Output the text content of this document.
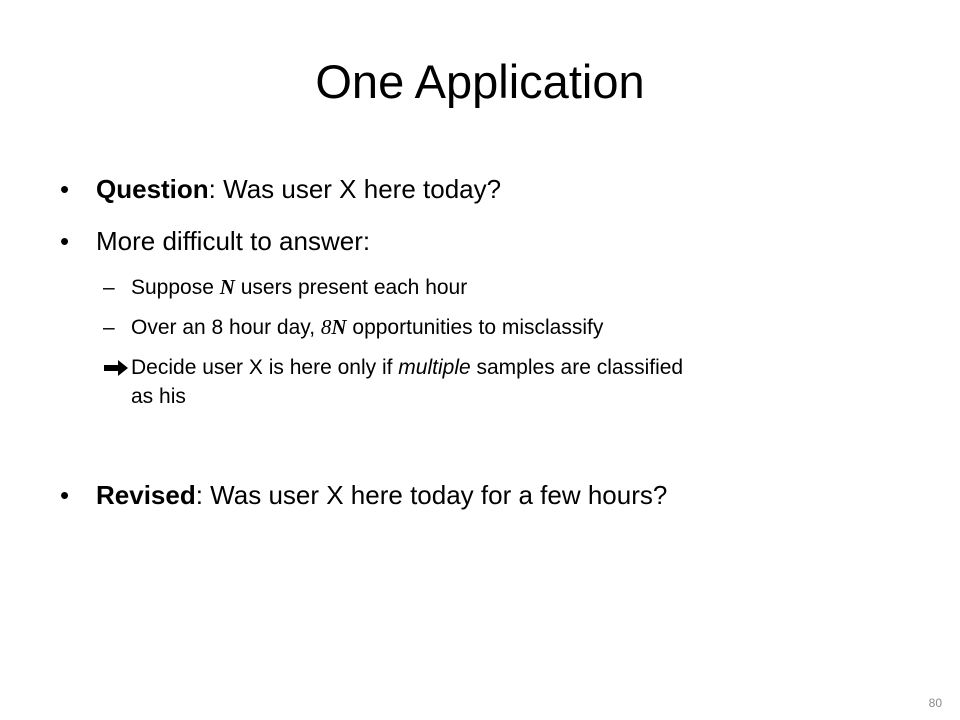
One Application
• Question: Was user X here today?
• More difficult to answer:
– Suppose N users present each hour
– Over an 8 hour day, 8N opportunities to misclassify
Decide user X is here only if multiple samples are classified
as his
• Revised: Was user X here today for a few hours?
80
